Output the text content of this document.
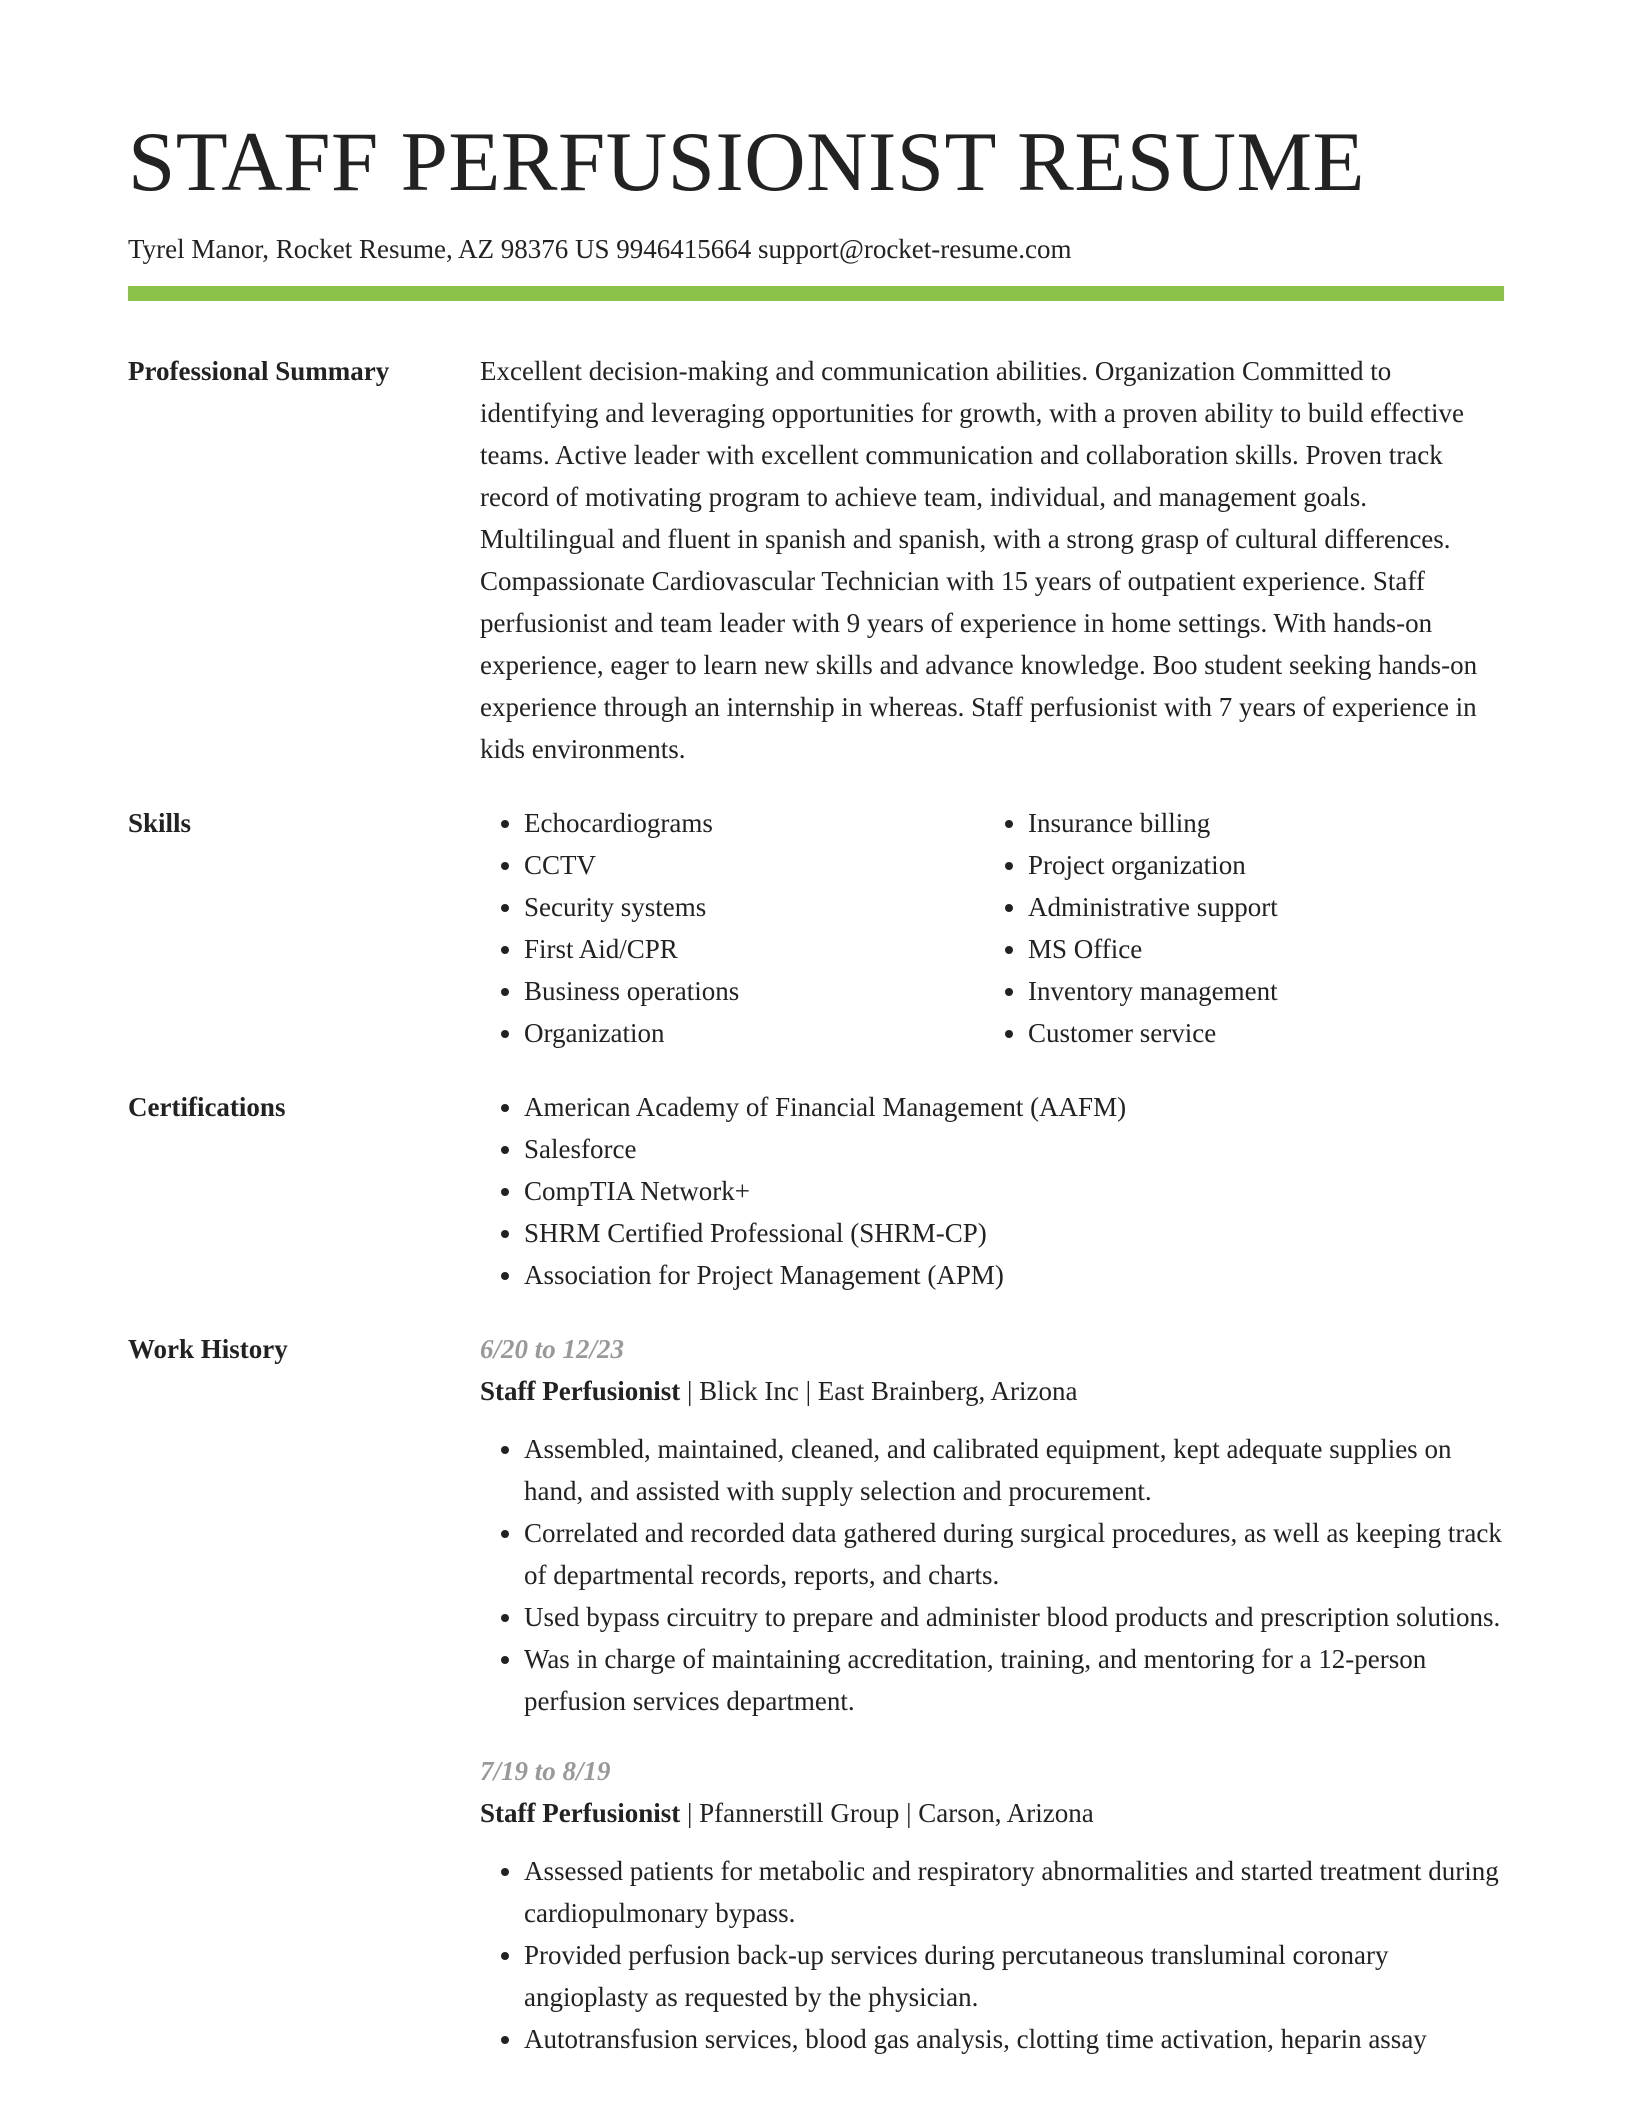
STAFF PERFUSIONIST RESUME
Tyrel Manor, Rocket Resume, AZ 98376 US 9946415664 support@rocket-resume.com
Professional Summary	Excellent decision-making and communication abilities. Organization Committed to identifying and leveraging opportunities for growth, with a proven ability to build effective teams. Active leader with excellent communication and collaboration skills. Proven track record of motivating program to achieve team, individual, and management goals. Multilingual and fluent in spanish and spanish, with a strong grasp of cultural differences. Compassionate Cardiovascular Technician with 15 years of outpatient experience. Staff perfusionist and team leader with 9 years of experience in home settings. With hands-on experience, eager to learn new skills and advance knowledge. Boo student seeking hands-on experience through an internship in whereas. Staff perfusionist with 7 years of experience in kids environments.

Skills	• Echocardiograms
• CCTV
• Security systems
• First Aid/CPR
• Business operations
• Organization
• Insurance billing
• Project organization
• Administrative support
• MS Office
• Inventory management
• Customer service
Certifications	• American Academy of Financial Management (AAFM)
• Salesforce
• CompTIA Network+
• SHRM Certified Professional (SHRM-CP)
• Association for Project Management (APM)
Work History	6/20 to 12/23
Staff Perfusionist | Blick Inc | East Brainberg, Arizona
• Assembled, maintained, cleaned, and calibrated equipment, kept adequate supplies on hand, and assisted with supply selection and procurement.
• Correlated and recorded data gathered during surgical procedures, as well as keeping track of departmental records, reports, and charts.
• Used bypass circuitry to prepare and administer blood products and prescription solutions.
• Was in charge of maintaining accreditation, training, and mentoring for a 12-person perfusion services department.
7/19 to 8/19
Staff Perfusionist | Pfannerstill Group | Carson, Arizona
• Assessed patients for metabolic and respiratory abnormalities and started treatment during cardiopulmonary bypass.
• Provided perfusion back-up services during percutaneous transluminal coronary angioplasty as requested by the physician.
• Autotransfusion services, blood gas analysis, clotting time activation, heparin assay
